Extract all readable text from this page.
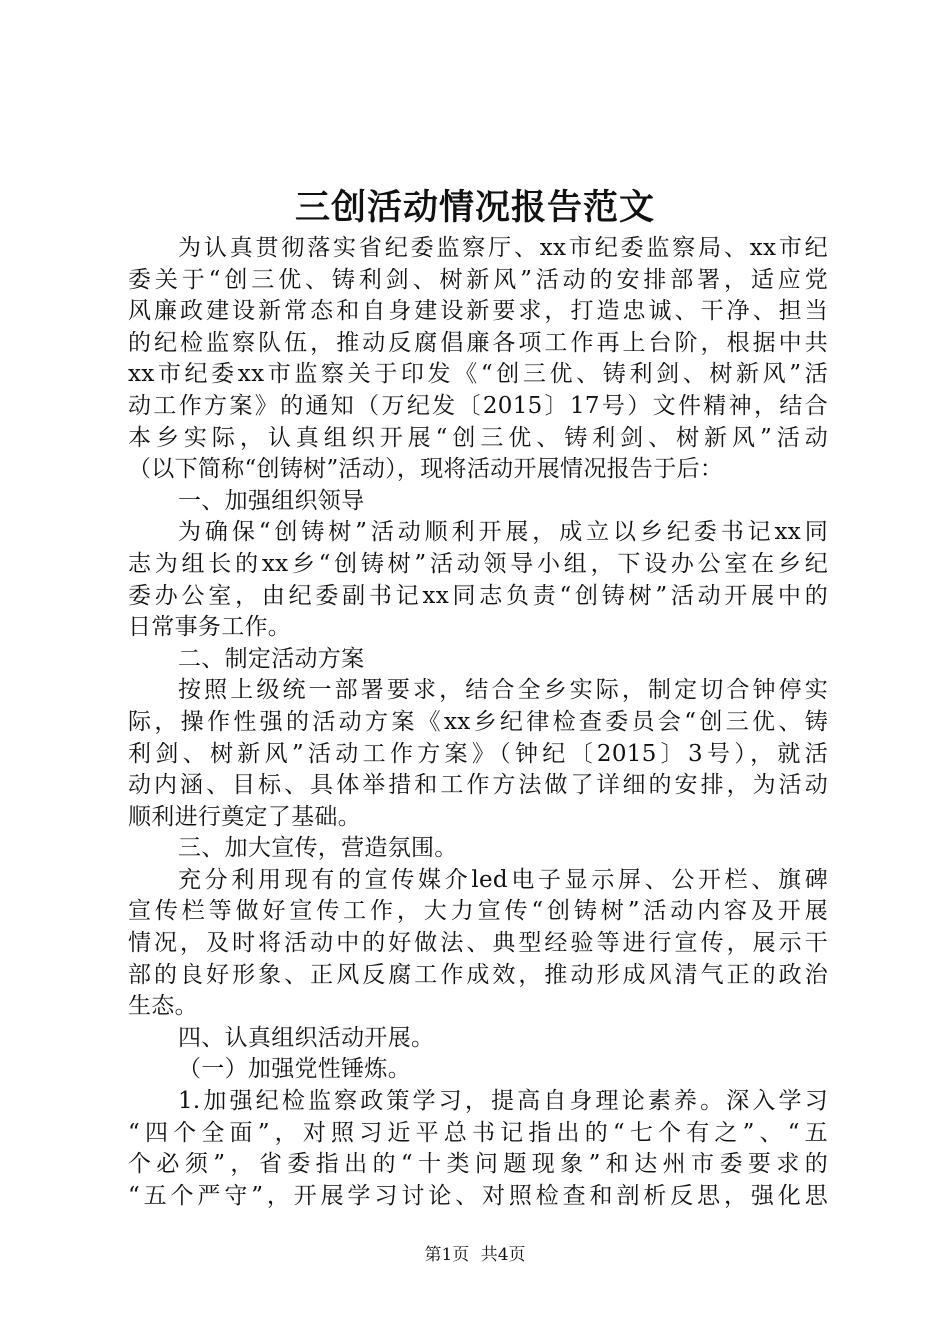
三创活动情况报告范文
为认真贯彻落实省纪委监察厅、xx市纪委监察局、xx市纪
委关于“创三优、铸利剑、树新风”活动的安排部署，适应党
风廉政建设新常态和自身建设新要求，打造忠诚、干净、担当
的纪检监察队伍，推动反腐倡廉各项工作再上台阶，根据中共
xx市纪委xx市监察关于印发《“创三优、铸利剑、树新风”活
动工作方案》的通知（万纪发〔2015〕17号）文件精神，结合
本乡实际，认真组织开展“创三优、铸利剑、树新风”活动
（以下简称“创铸树”活动），现将活动开展情况报告于后：
一、加强组织领导
为确保“创铸树”活动顺利开展，成立以乡纪委书记xx同
志为组长的xx乡“创铸树”活动领导小组，下设办公室在乡纪
委办公室，由纪委副书记xx同志负责“创铸树”活动开展中的
日常事务工作。
二、制定活动方案
按照上级统一部署要求，结合全乡实际，制定切合钟停实
际，操作性强的活动方案《xx乡纪律检查委员会“创三优、铸
利剑、树新风”活动工作方案》（钟纪〔2015〕3号），就活
动内涵、目标、具体举措和工作方法做了详细的安排，为活动
顺利进行奠定了基础。
三、加大宣传，营造氛围。
充分利用现有的宣传媒介led电子显示屏、公开栏、旗碑
宣传栏等做好宣传工作，大力宣传“创铸树”活动内容及开展
情况，及时将活动中的好做法、典型经验等进行宣传，展示干
部的良好形象、正风反腐工作成效，推动形成风清气正的政治
生态。
四、认真组织活动开展。
（一）加强党性锤炼。
1.加强纪检监察政策学习，提高自身理论素养。深入学习
“四个全面”，对照习近平总书记指出的“七个有之”、“五
个必须”，省委指出的“十类问题现象”和达州市委要求的
“五个严守”，开展学习讨论、对照检查和剖析反思，强化思
第1页 共4页
